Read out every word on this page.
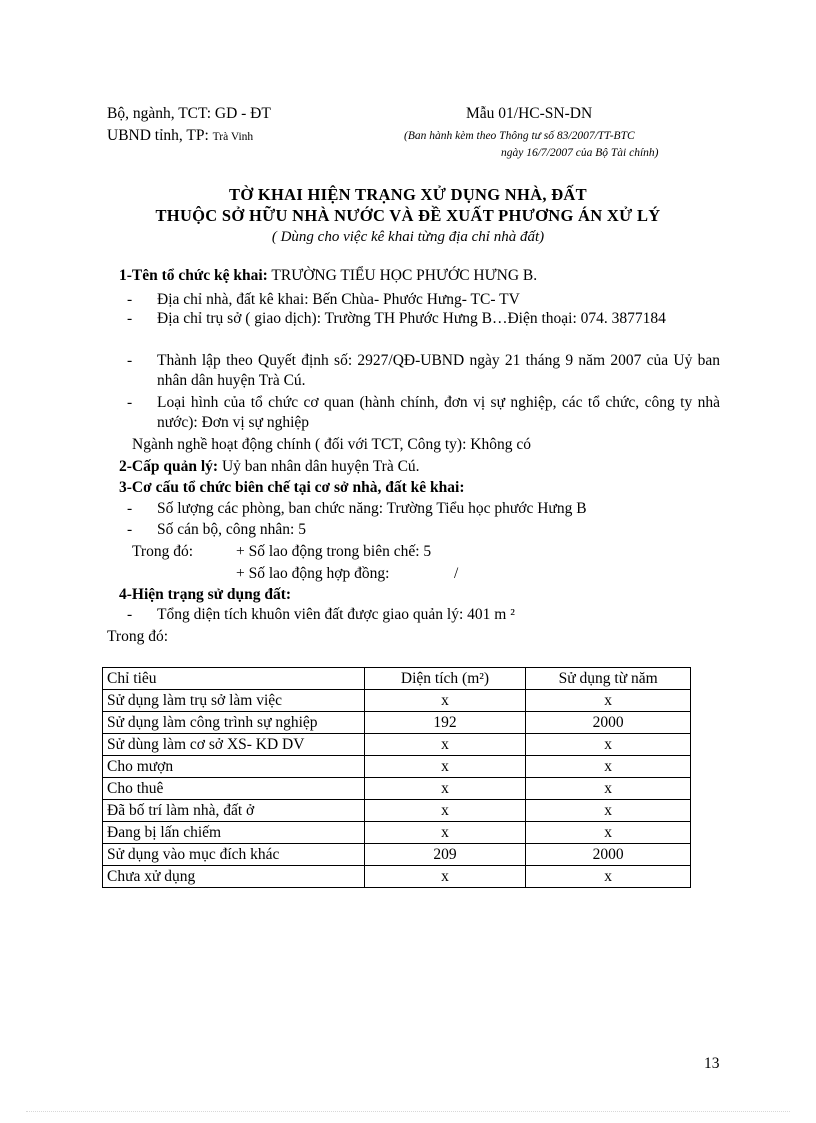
Bộ, ngành, TCT: GD - ĐT
UBND tỉnh, TP: Trà Vinh
Mẫu 01/HC-SN-DN
(Ban hành kèm theo Thông tư số 83/2007/TT-BTC
ngày 16/7/2007 của Bộ Tài chính)
TỜ KHAI HIỆN TRẠNG XỬ DỤNG NHÀ, ĐẤT
THUỘC SỞ HỮU NHÀ NƯỚC VÀ ĐỀ XUẤT PHƯƠNG ÁN XỬ LÝ
( Dùng cho việc kê khai từng địa chỉ nhà đất)
1-Tên tổ chức kệ khai: TRƯỜNG TIỂU HỌC PHƯỚC HƯNG B.
- Địa chỉ nhà, đất kê khai: Bến Chùa- Phước Hưng- TC- TV
- Địa chỉ trụ sở ( giao dịch): Trường TH Phước Hưng B…Điện thoại: 074. 3877184
- Thành lập theo Quyết định số: 2927/QĐ-UBND ngày 21 tháng 9 năm 2007 của Uỷ ban nhân dân huyện Trà Cú.
- Loại hình của tổ chức cơ quan (hành chính, đơn vị sự nghiệp, các tổ chức, công ty nhà nước): Đơn vị sự nghiệp
Ngành nghề hoạt động chính ( đối với TCT, Công ty): Không có
2-Cấp quản lý: Uỷ ban nhân dân huyện Trà Cú.
3-Cơ cấu tổ chức biên chế tại cơ sở nhà, đất kê khai:
- Số lượng các phòng, ban chức năng: Trường Tiểu học phước Hưng B
- Số cán bộ, công nhân: 5
Trong đó:	+ Số lao động trong biên chế: 5
+ Số lao động hợp đồng:	/
4-Hiện trạng sử dụng đất:
- Tổng diện tích khuôn viên đất được giao quản lý: 401 m ²
Trong đó:
Chỉ tiêu	Diện tích (m²)	Sử dụng từ năm
Sử dụng làm trụ sở làm việc	x	x
Sử dụng làm công trình sự nghiệp	192	2000
Sử dùng làm cơ sở XS- KD DV	x	x
Cho mượn	x	x
Cho thuê	x	x
Đã bố trí làm nhà, đất ở	x	x
Đang bị lấn chiếm	x	x
Sử dụng vào mục đích khác	209	2000
Chưa xử dụng	x	x
13
